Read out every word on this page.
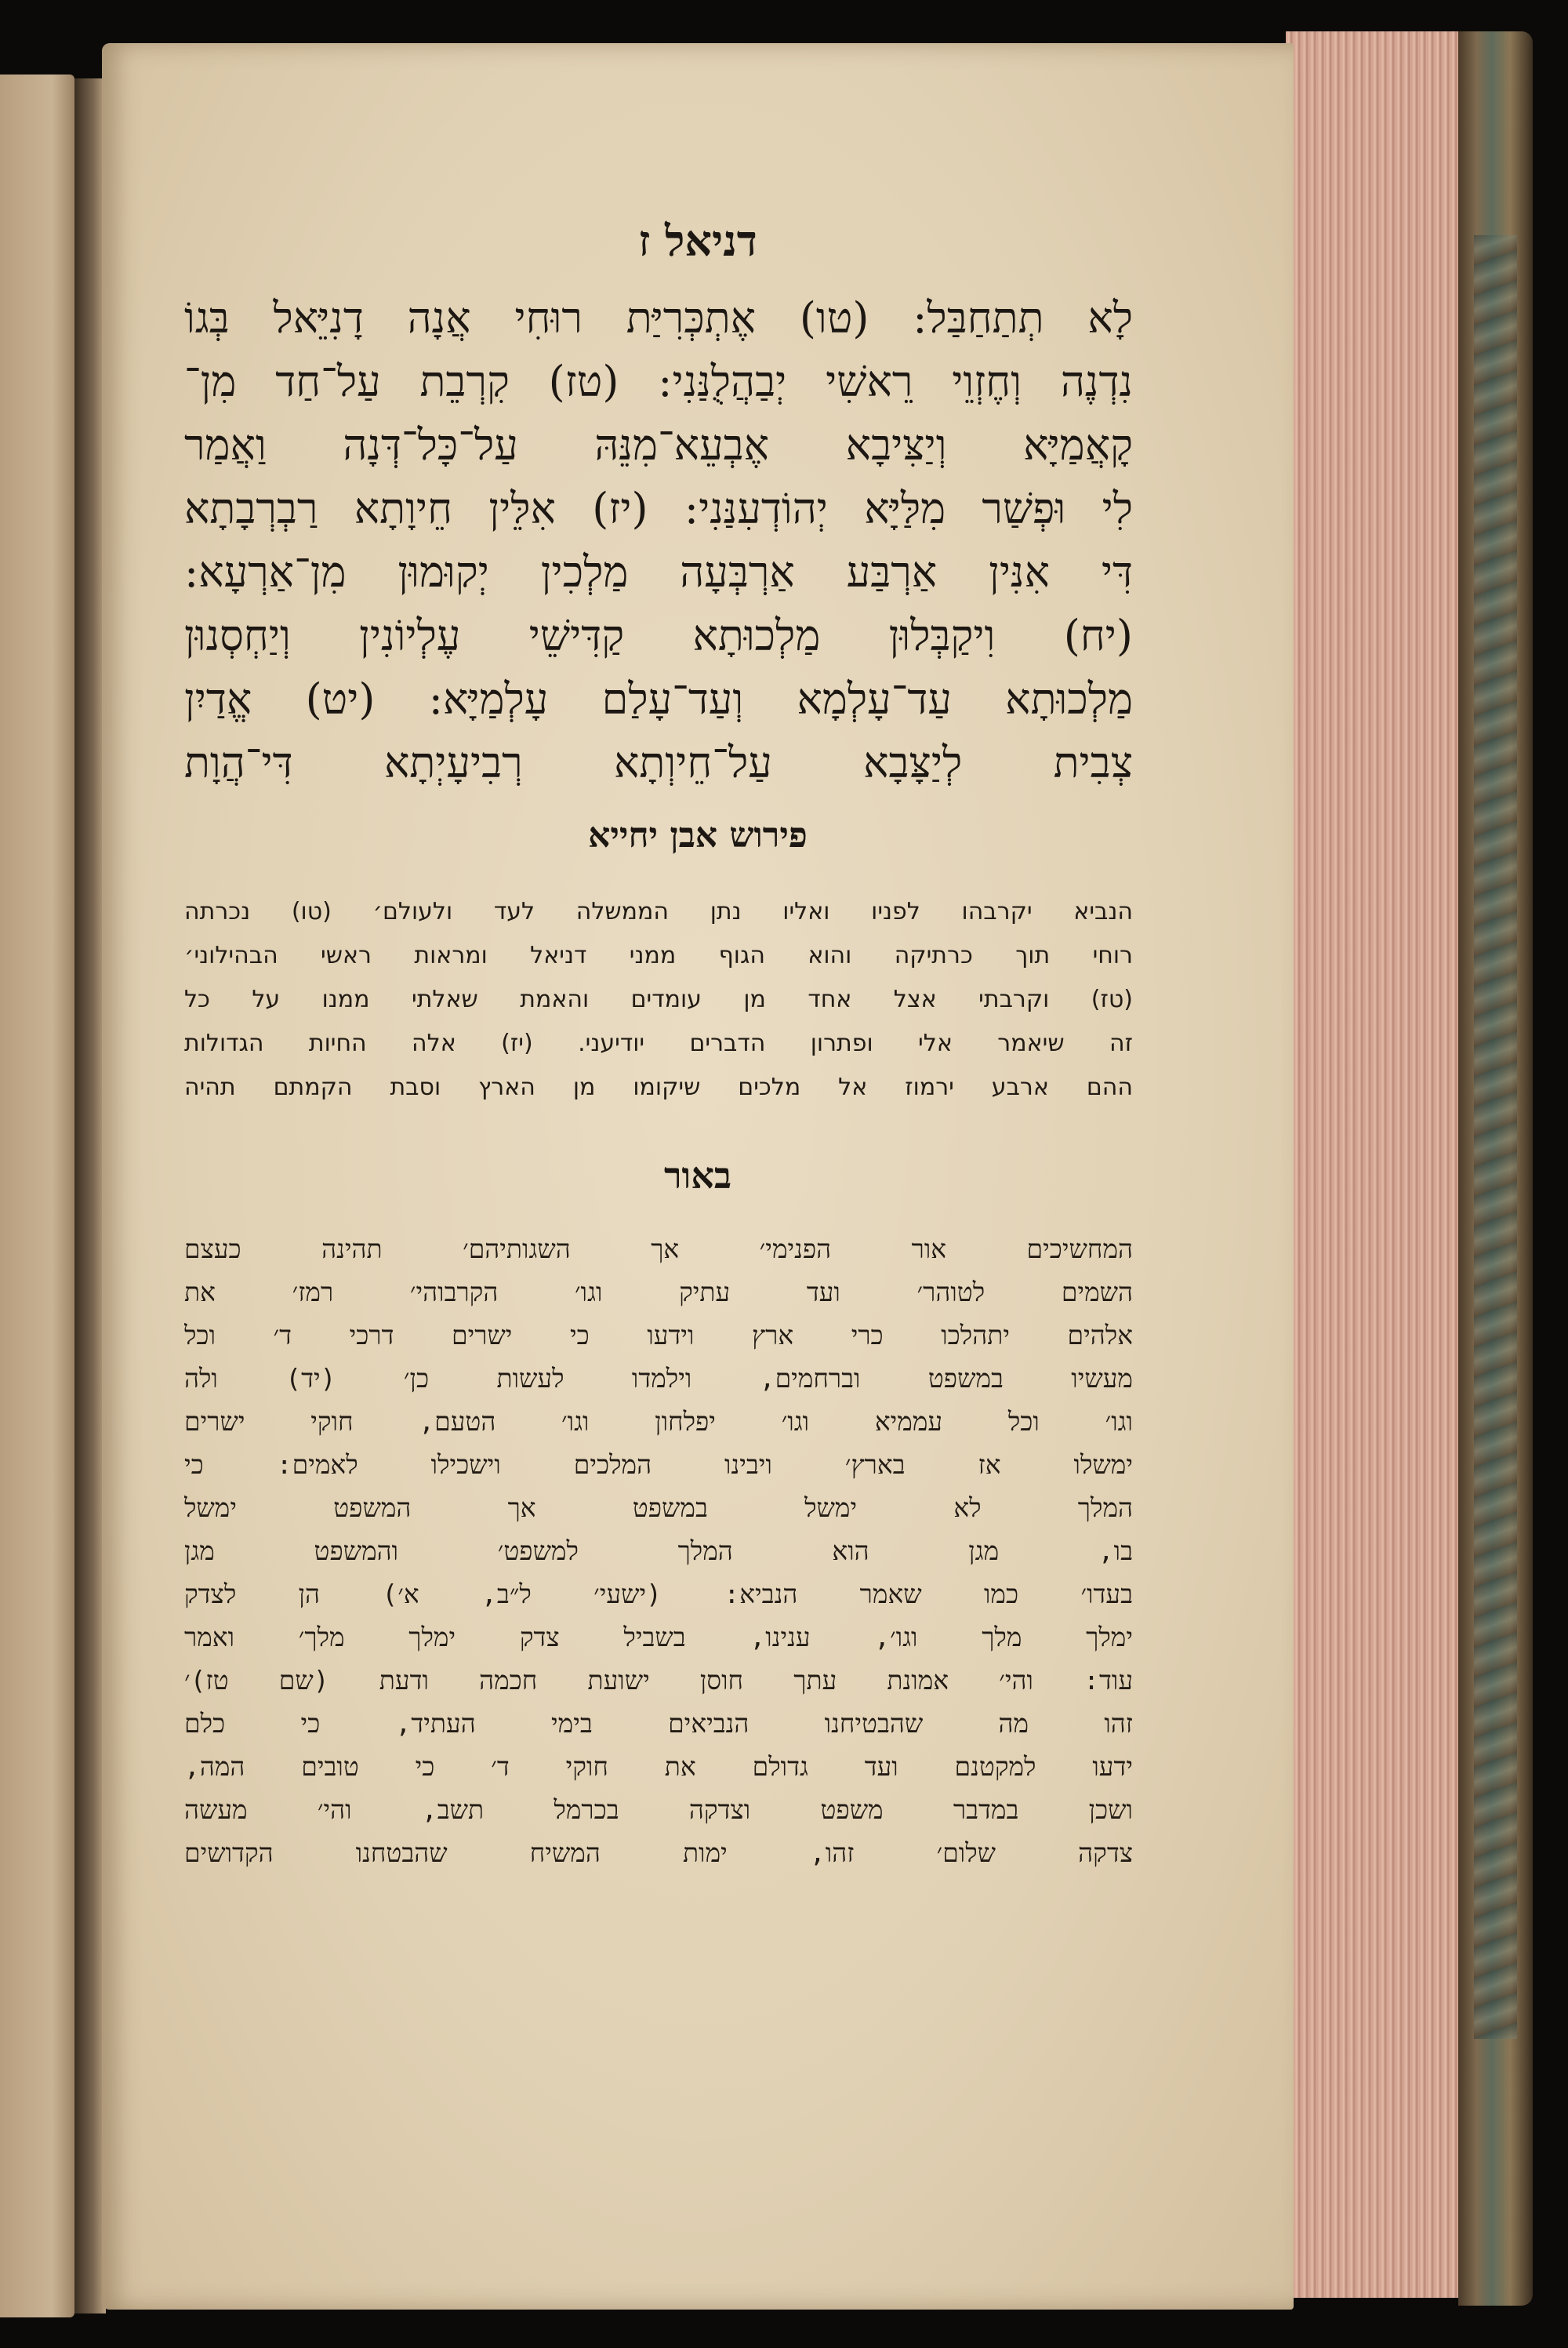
דניאל ז
לָא תְתַחַבַּל: (טו) אֶתְכְּרִיַּת רוּחִי אֲנָה דָנִיֵּאל בְּגוֹ
נִדְנֶה וְחֶזְוֵי רֵאשִׁי יְבַהֲלֻנַּנִי: (טז) קִרְבֵת עַל־חַד מִן־
קָאֲמַיָּא וְיַצִּיבָא אֶבְעֵא־מִנֵּהּ עַל־כָּל־דְּנָה וַאֲמַר
לִי וּפְשַׁר מִלַּיָּא יְהוֹדְעִנַּנִי: (יז) אִלֵּין חֵיוָתָא רַבְרְבָתָא
דִּי אִנִּין אַרְבַּע אַרְבְּעָה מַלְכִין יְקוּמוּן מִן־אַרְעָא:
(יח) וִיקַבְּלוּן מַלְכוּתָא קַדִּישֵׁי עֶלְיוֹנִין וְיַחְסְנוּן
מַלְכוּתָא עַד־עָלְמָא וְעַד־עָלַם עָלְמַיָּא: (יט) אֱדַיִן
צְבִית לְיַצָּבָא עַל־חֵיוְתָא רְבִיעָיְתָא דִּי־הֲוָת
פירוש אבן יחייא
הנביא יקרבהו לפניו ואליו נתן הממשלה לעד ולעולם׳ (טו) נכרתה
רוחי תוך כרתיקה והוא הגוף ממני דניאל ומראות ראשי הבהילוני׳
(טז) וקרבתי אצל אחד מן עומדים והאמת שאלתי ממנו על כל
זה שיאמר אלי ופתרון הדברים יודיעני. (יז) אלה החיות הגדולות
ההם ארבע ירמוז אל מלכים שיקומו מן הארץ וסבת הקמתם תהיה
באור
המחשיכים אור הפנימי׳ אך השגותיהם׳ תהינה כעצם
השמים לטוהר׳ ועד עתיק וגו׳ הקרבוהי׳ רמז׳ את
אלהים יתהלכו כרי ארץ וידעו כי ישרים דרכי ד׳ וכל
מעשיו במשפט וברחמים, וילמדו לעשות כן׳ (יד) ולה
וגו׳ וכל עממיא וגו׳ יפלחון וגו׳ הטעם, חוקי ישרים
ימשלו אז בארץ׳ ויבינו המלכים וישכילו לאמים: כי
המלך לא ימשל במשפט אך המשפט ימשל
בו, מגן הוא המלך למשפט׳ והמשפט מגן
בעדו׳ כמו שאמר הנביא: (ישעי׳ ל״ב, א׳) הן לצדק
ימלך מלך וגו׳, ענינו, בשביל צדק ימלך מלך׳ ואמר
עוד: והי׳ אמונת עתך חוסן ישועת חכמה ודעת (שם טז)׳
זהו מה שהבטיחנו הנביאים בימי העתיד, כי כלם
ידעו למקטנם ועד גדולם את חוקי ד׳ כי טובים המה,
ושכן במדבר משפט וצדקה בכרמל תשב, והי׳ מעשה
צדקה שלום׳ זהו, ימות המשיח שהבטחנו הקדושים
